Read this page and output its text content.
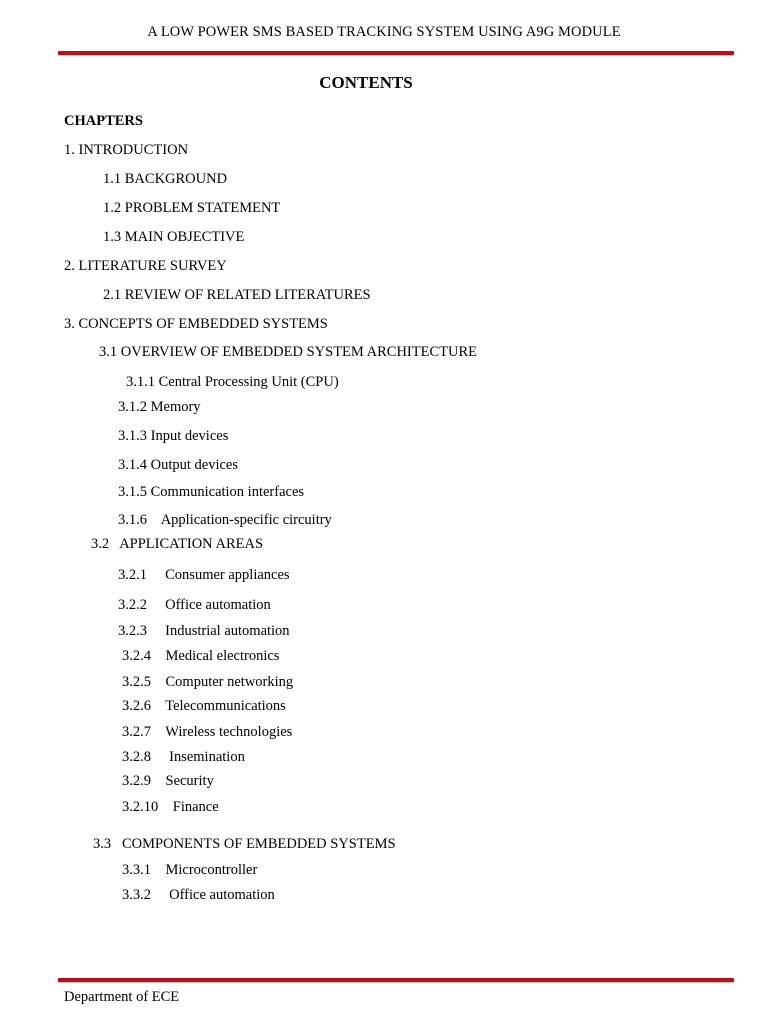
A LOW POWER SMS BASED TRACKING SYSTEM USING A9G MODULE
CONTENTS
CHAPTERS
1. INTRODUCTION
1.1 BACKGROUND
1.2 PROBLEM STATEMENT
1.3 MAIN OBJECTIVE
2. LITERATURE SURVEY
2.1 REVIEW OF RELATED LITERATURES
3. CONCEPTS OF EMBEDDED SYSTEMS
3.1 OVERVIEW OF EMBEDDED SYSTEM ARCHITECTURE
3.1.1 Central Processing Unit (CPU)
3.1.2 Memory
3.1.3 Input devices
3.1.4 Output devices
3.1.5 Communication interfaces
3.1.6    Application-specific circuitry
3.2   APPLICATION AREAS
3.2.1     Consumer appliances
3.2.2     Office automation
3.2.3     Industrial automation
3.2.4    Medical electronics
3.2.5    Computer networking
3.2.6    Telecommunications
3.2.7    Wireless technologies
3.2.8     Insemination
3.2.9    Security
3.2.10    Finance
3.3   COMPONENTS OF EMBEDDED SYSTEMS
3.3.1    Microcontroller
3.3.2     Office automation
Department of ECE
